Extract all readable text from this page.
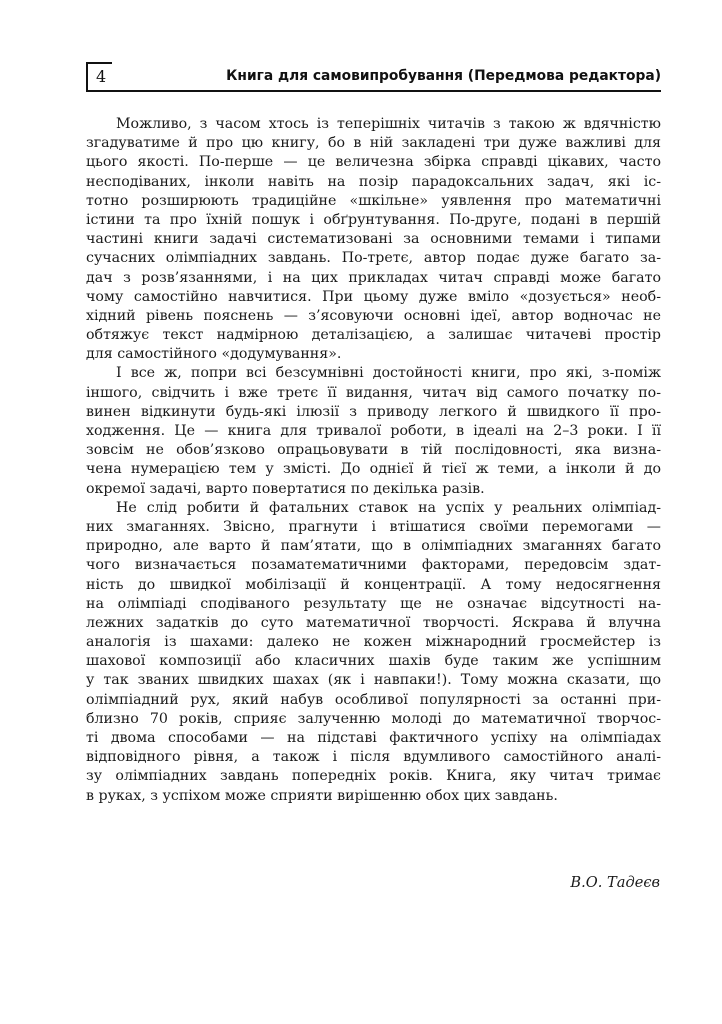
4	Книга для самовипробування (Передмова редактора)
Можливо, з часом хтось із теперішніх читачів з такою ж вдячністю
згадуватиме й про цю книгу, бо в ній закладені три дуже важливі для
цього якості. По-перше — це величезна збірка справді цікавих, часто
несподіваних, інколи навіть на позір парадоксальних задач, які іс-
тотно розширюють традиційне «шкільне» уявлення про математичні
істини та про їхній пошук і обґрунтування. По-друге, подані в першій
частині книги задачі систематизовані за основними темами і типами
сучасних олімпіадних завдань. По-третє, автор подає дуже багато за-
дач з розв’язаннями, і на цих прикладах читач справді може багато
чому самостійно навчитися. При цьому дуже вміло «дозується» необ-
хідний рівень пояснень — з’ясовуючи основні ідеї, автор водночас не
обтяжує текст надмірною деталізацією, а залишає читачеві простір
для самостійного «додумування».
І все ж, попри всі безсумнівні достойності книги, про які, з-поміж
іншого, свідчить і вже третє її видання, читач від самого початку по-
винен відкинути будь-які ілюзії з приводу легкого й швидкого її про-
ходження. Це — книга для тривалої роботи, в ідеалі на 2–3 роки. І її
зовсім не обов’язково опрацьовувати в тій послідовності, яка визна-
чена нумерацією тем у змісті. До однієї й тієї ж теми, а інколи й до
окремої задачі, варто повертатися по декілька разів.
Не слід робити й фатальних ставок на успіх у реальних олімпіад-
них змаганнях. Звісно, прагнути і втішатися своїми перемогами —
природно, але варто й пам’ятати, що в олімпіадних змаганнях багато
чого визначається позаматематичними факторами, передовсім здат-
ність до швидкої мобілізації й концентрації. А тому недосягнення
на олімпіаді сподіваного результату ще не означає відсутності на-
лежних задатків до суто математичної творчості. Яскрава й влучна
аналогія із шахами: далеко не кожен міжнародний гросмейстер із
шахової композиції або класичних шахів буде таким же успішним
у так званих швидких шахах (як і навпаки!). Тому можна сказати, що
олімпіадний рух, який набув особливої популярності за останні при-
близно 70 років, сприяє залученню молоді до математичної творчос-
ті двома способами — на підставі фактичного успіху на олімпіадах
відповідного рівня, а також і після вдумливого самостійного аналі-
зу олімпіадних завдань попередніх років. Книга, яку читач тримає
в руках, з успіхом може сприяти вирішенню обох цих завдань.
В.О. Тадеєв
